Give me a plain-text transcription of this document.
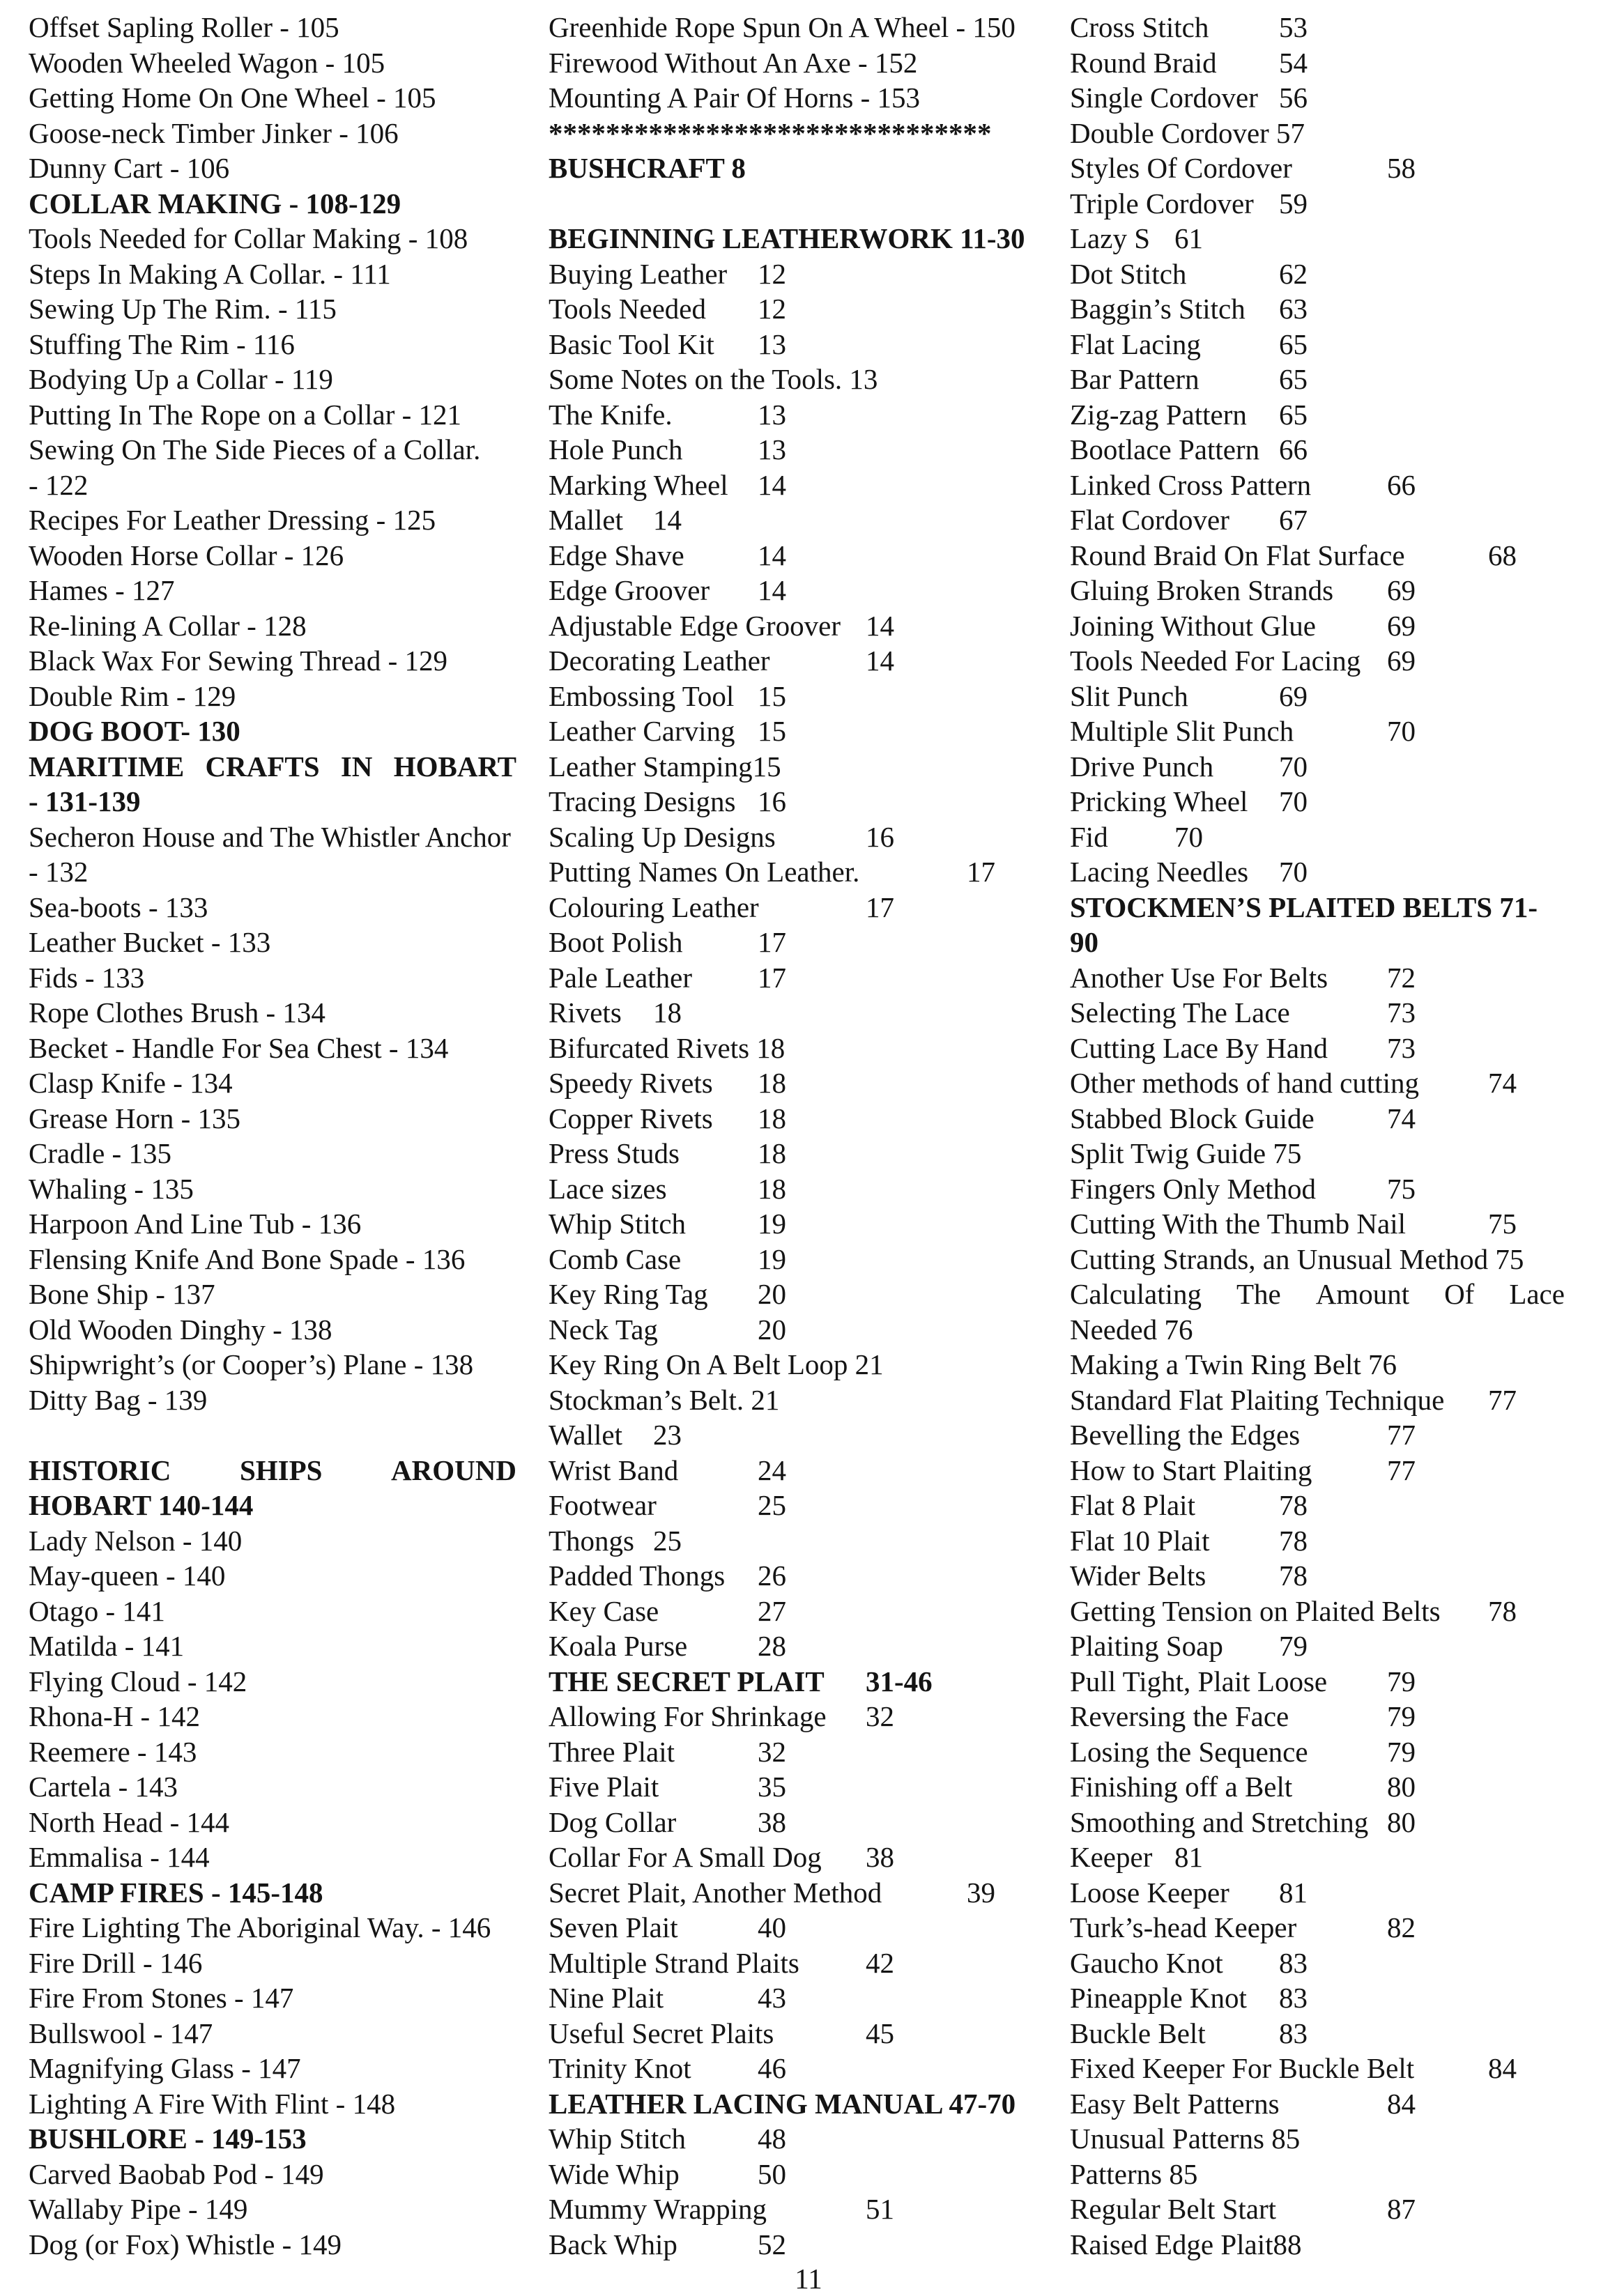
Offset Sapling Roller - 105
Wooden Wheeled Wagon - 105
Getting Home On One Wheel - 105
Goose-neck Timber Jinker - 106
Dunny Cart - 106
COLLAR MAKING - 108-129
Tools Needed for Collar Making - 108
Steps In Making A Collar. - 111
Sewing Up The Rim. - 115
Stuffing The Rim - 116
Bodying Up a Collar - 119
Putting In The Rope on a Collar - 121
Sewing On The Side Pieces of a Collar.
- 122
Recipes For Leather Dressing - 125
Wooden Horse Collar - 126
Hames - 127
Re-lining A Collar - 128
Black Wax For Sewing Thread - 129
Double Rim - 129
DOG BOOT- 130
MARITIME CRAFTS IN HOBART
- 131-139
Secheron House and The Whistler Anchor
- 132
Sea-boots - 133
Leather Bucket - 133
Fids - 133
Rope Clothes Brush - 134
Becket - Handle For Sea Chest - 134
Clasp Knife - 134
Grease Horn - 135
Cradle - 135
Whaling - 135
Harpoon And Line Tub - 136
Flensing Knife And Bone Spade - 136
Bone Ship - 137
Old Wooden Dinghy - 138
Shipwright’s (or Cooper’s) Plane - 138
Ditty Bag - 139
HISTORIC SHIPS AROUND
HOBART 140-144
Lady Nelson - 140
May-queen - 140
Otago - 141
Matilda - 141
Flying Cloud - 142
Rhona-H - 142
Reemere - 143
Cartela - 143
North Head - 144
Emmalisa - 144
CAMP FIRES - 145-148
Fire Lighting The Aboriginal Way. - 146
Fire Drill - 146
Fire From Stones - 147
Bullswool - 147
Magnifying Glass - 147
Lighting A Fire With Flint - 148
BUSHLORE - 149-153
Carved Baobab Pod - 149
Wallaby Pipe - 149
Dog (or Fox) Whistle - 149
Greenhide Rope Spun On A Wheel - 150
Firewood Without An Axe - 152
Mounting A Pair Of Horns - 153
*******************************
BUSHCRAFT 8
BEGINNING LEATHERWORK 11-30
Buying Leather 12
Tools Needed 12
Basic Tool Kit 13
Some Notes on the Tools. 13
The Knife.	13
Hole Punch	13
Marking Wheel 14
Mallet 14
Edge Shave	14
Edge Groover 14
Adjustable Edge Groover 14
Decorating Leather	14
Embossing Tool 15
Leather Carving 15
Leather Stamping15
Tracing Designs 16
Scaling Up Designs	16
Putting Names On Leather.	17
Colouring Leather	17
Boot Polish	17
Pale Leather 17
Rivets 18
Bifurcated Rivets 18
Speedy Rivets 18
Copper Rivets 18
Press Studs	18
Lace sizes	18
Whip Stitch	19
Comb Case	19
Key Ring Tag 20
Neck Tag	20
Key Ring On A Belt Loop 21
Stockman’s Belt. 21
Wallet 23
Wrist Band	24
Footwear	25
Thongs 25
Padded Thongs 26
Key Case	27
Koala Purse 28
THE SECRET PLAIT 31-46
Allowing For Shrinkage 32
Three Plait	32
Five Plait	35
Dog Collar	38
Collar For A Small Dog 38
Secret Plait, Another Method	39
Seven Plait	40
Multiple Strand Plaits 42
Nine Plait	43
Useful Secret Plaits	45
Trinity Knot 46
LEATHER LACING MANUAL 47-70
Whip Stitch	48
Wide Whip	50
Mummy Wrapping	51
Back Whip	52
Cross Stitch 53
Round Braid 54
Single Cordover 56
Double Cordover 57
Styles Of Cordover	58
Triple Cordover 59
Lazy S 61
Dot Stitch	62
Baggin’s Stitch 63
Flat Lacing	65
Bar Pattern	65
Zig-zag Pattern 65
Bootlace Pattern 66
Linked Cross Pattern	66
Flat Cordover 67
Round Braid On Flat Surface	68
Gluing Broken Strands 69
Joining Without Glue 69
Tools Needed For Lacing 69
Slit Punch	69
Multiple Slit Punch	70
Drive Punch 70
Pricking Wheel 70
Fid 70
Lacing Needles 70
STOCKMEN’S PLAITED BELTS 71-
90
Another Use For Belts 72
Selecting The Lace	73
Cutting Lace By Hand 73
Other methods of hand cutting 74
Stabbed Block Guide	74
Split Twig Guide 75
Fingers Only Method 75
Cutting With the Thumb Nail	75
Cutting Strands, an Unusual Method 75
Calculating The Amount Of Lace
Needed 76
Making a Twin Ring Belt 76
Standard Flat Plaiting Technique 77
Bevelling the Edges	77
How to Start Plaiting	77
Flat 8 Plait	78
Flat 10 Plait 78
Wider Belts	78
Getting Tension on Plaited Belts 78
Plaiting Soap 79
Pull Tight, Plait Loose 79
Reversing the Face	79
Losing the Sequence	79
Finishing off a Belt	80
Smoothing and Stretching 80
Keeper 81
Loose Keeper 81
Turk’s-head Keeper	82
Gaucho Knot 83
Pineapple Knot 83
Buckle Belt	83
Fixed Keeper For Buckle Belt	84
Easy Belt Patterns	84
Unusual Patterns 85
Patterns 85
Regular Belt Start	87
Raised Edge Plait88
11
